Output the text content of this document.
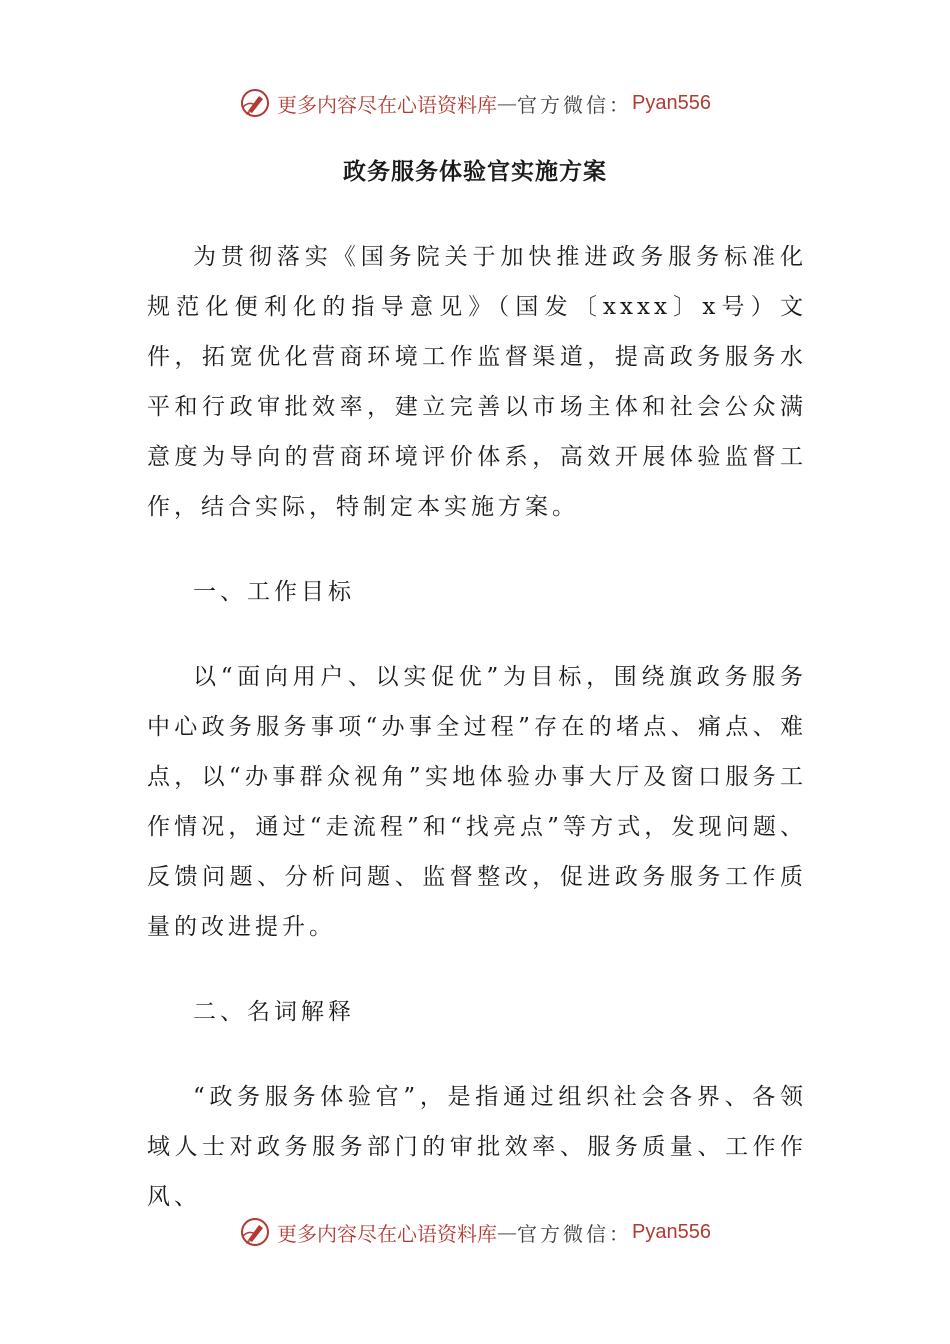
更多内容尽在心语资料库 — 官方微信： Pyan556
政务服务体验官实施方案

为贯彻落实《国务院关于加快推进政务服务标准化规范化便利化的指导意见》（国发〔xxxx〕x号）文件，拓宽优化营商环境工作监督渠道，提高政务服务水平和行政审批效率，建立完善以市场主体和社会公众满意度为导向的营商环境评价体系，高效开展体验监督工作，结合实际，特制定本实施方案。

一、工作目标

以“面向用户、以实促优”为目标，围绕旗政务服务中心政务服务事项“办事全过程”存在的堵点、痛点、难点，以“办事群众视角”实地体验办事大厅及窗口服务工作情况，通过“走流程”和“找亮点”等方式，发现问题、反馈问题、分析问题、监督整改，促进政务服务工作质量的改进提升。

二、名词解释

“政务服务体验官”，是指通过组织社会各界、各领域人士对政务服务部门的审批效率、服务质量、工作作风、

更多内容尽在心语资料库 — 官方微信： Pyan556
